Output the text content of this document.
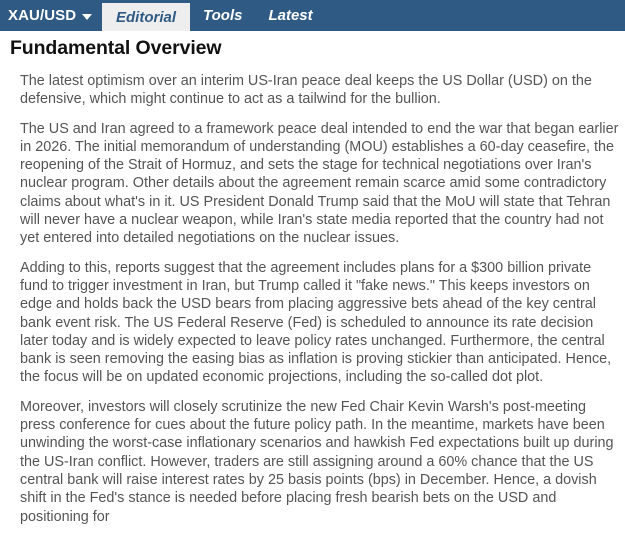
XAU/USD	Editorial	Tools	Latest
Fundamental Overview

The latest optimism over an interim US-Iran peace deal keeps the US Dollar (USD) on the defensive, which might continue to act as a tailwind for the bullion.

The US and Iran agreed to a framework peace deal intended to end the war that began earlier in 2026. The initial memorandum of understanding (MOU) establishes a 60-day ceasefire, the reopening of the Strait of Hormuz, and sets the stage for technical negotiations over Iran's nuclear program. Other details about the agreement remain scarce amid some contradictory claims about what's in it. US President Donald Trump said that the MoU will state that Tehran will never have a nuclear weapon, while Iran's state media reported that the country had not yet entered into detailed negotiations on the nuclear issues.

Adding to this, reports suggest that the agreement includes plans for a $300 billion private fund to trigger investment in Iran, but Trump called it "fake news." This keeps investors on edge and holds back the USD bears from placing aggressive bets ahead of the key central bank event risk. The US Federal Reserve (Fed) is scheduled to announce its rate decision later today and is widely expected to leave policy rates unchanged. Furthermore, the central bank is seen removing the easing bias as inflation is proving stickier than anticipated. Hence, the focus will be on updated economic projections, including the so-called dot plot.

Moreover, investors will closely scrutinize the new Fed Chair Kevin Warsh's post-meeting press conference for cues about the future policy path. In the meantime, markets have been unwinding the worst-case inflationary scenarios and hawkish Fed expectations built up during the US-Iran conflict. However, traders are still assigning around a 60% chance that the US central bank will raise interest rates by 25 basis points (bps) in December. Hence, a dovish shift in the Fed's stance is needed before placing fresh bearish bets on the USD and positioning for
